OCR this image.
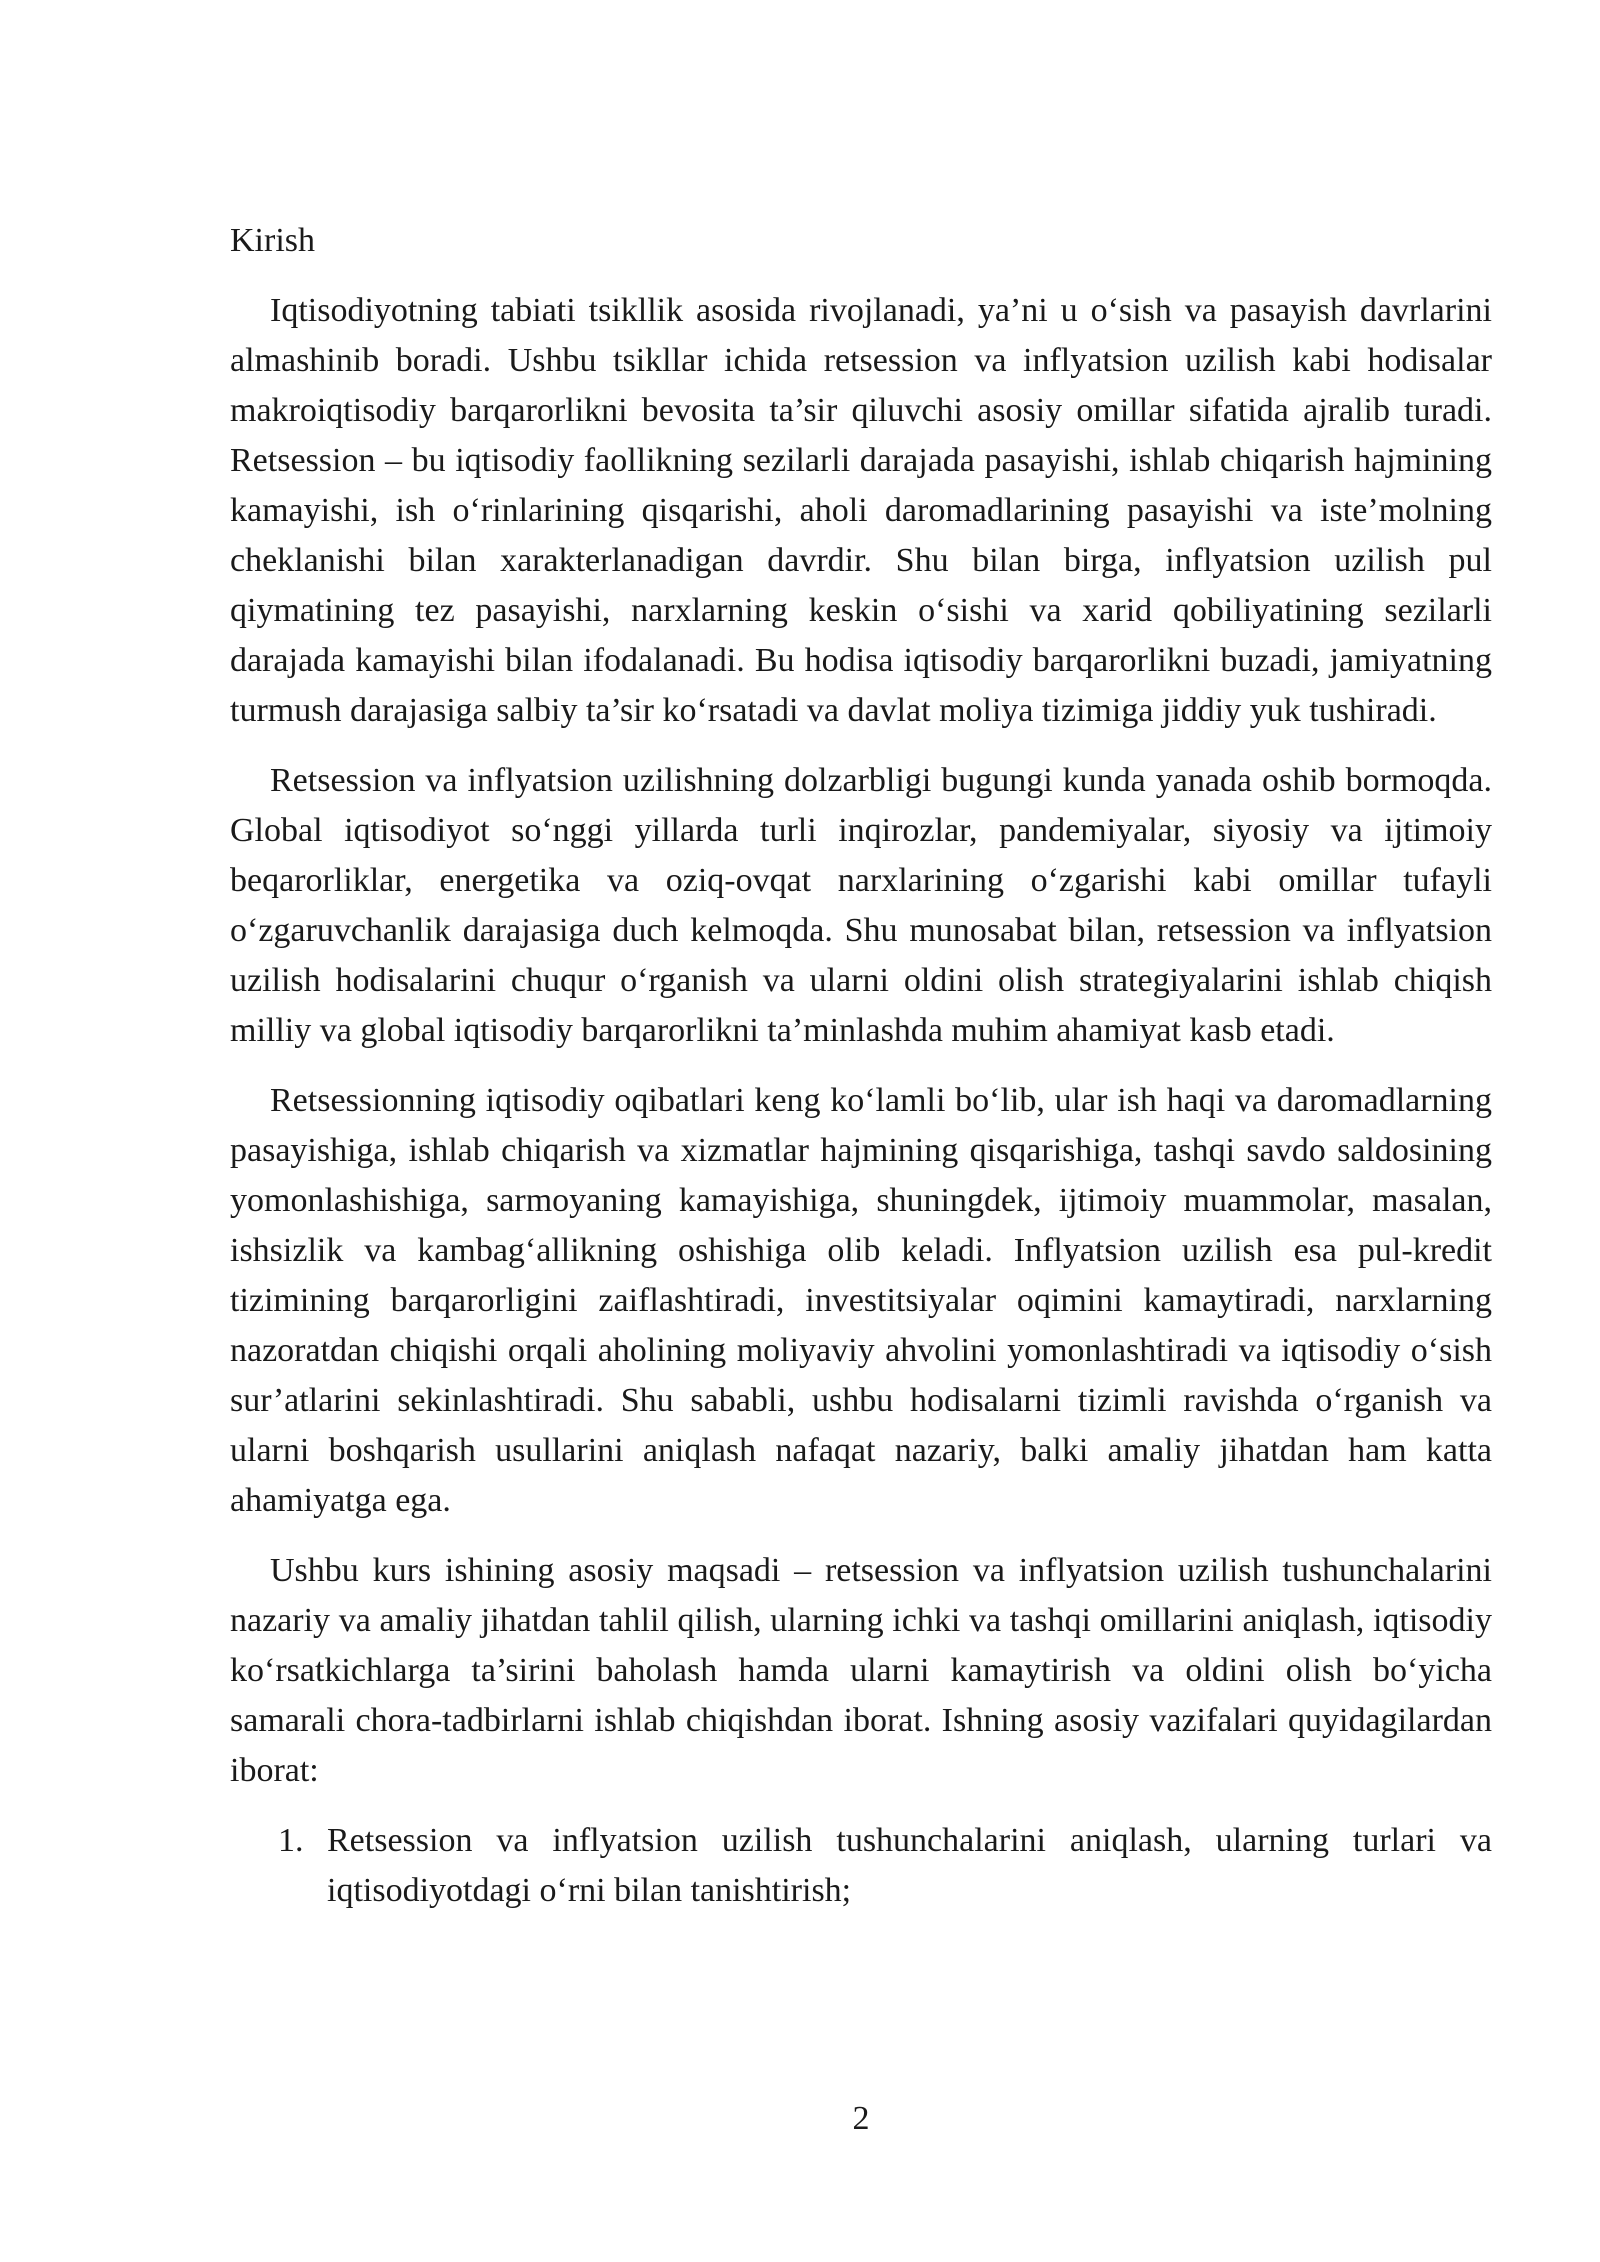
Kirish

Iqtisodiyotning tabiati tsikllik asosida rivojlanadi, ya’ni u o‘sish va pasayish davrlarini almashinib boradi. Ushbu tsikllar ichida retsession va inflyatsion uzilish kabi hodisalar makroiqtisodiy barqarorlikni bevosita ta’sir qiluvchi asosiy omillar sifatida ajralib turadi. Retsession – bu iqtisodiy faollikning sezilarli darajada pasayishi, ishlab chiqarish hajmining kamayishi, ish o‘rinlarining qisqarishi, aholi daromadlarining pasayishi va iste’molning cheklanishi bilan xarakterlanadigan davrdir. Shu bilan birga, inflyatsion uzilish pul qiymatining tez pasayishi, narxlarning keskin o‘sishi va xarid qobiliyatining sezilarli darajada kamayishi bilan ifodalanadi. Bu hodisa iqtisodiy barqarorlikni buzadi, jamiyatning turmush darajasiga salbiy ta’sir ko‘rsatadi va davlat moliya tizimiga jiddiy yuk tushiradi.

Retsession va inflyatsion uzilishning dolzarbligi bugungi kunda yanada oshib bormoqda. Global iqtisodiyot so‘nggi yillarda turli inqirozlar, pandemiyalar, siyosiy va ijtimoiy beqarorliklar, energetika va oziq-ovqat narxlarining o‘zgarishi kabi omillar tufayli o‘zgaruvchanlik darajasiga duch kelmoqda. Shu munosabat bilan, retsession va inflyatsion uzilish hodisalarini chuqur o‘rganish va ularni oldini olish strategiyalarini ishlab chiqish milliy va global iqtisodiy barqarorlikni ta’minlashda muhim ahamiyat kasb etadi.

Retsessionning iqtisodiy oqibatlari keng ko‘lamli bo‘lib, ular ish haqi va daromadlarning pasayishiga, ishlab chiqarish va xizmatlar hajmining qisqarishiga, tashqi savdo saldosining yomonlashishiga, sarmoyaning kamayishiga, shuningdek, ijtimoiy muammolar, masalan, ishsizlik va kambag‘allikning oshishiga olib keladi. Inflyatsion uzilish esa pul-kredit tizimining barqarorligini zaiflashtiradi, investitsiyalar oqimini kamaytiradi, narxlarning nazoratdan chiqishi orqali aholining moliyaviy ahvolini yomonlashtiradi va iqtisodiy o‘sish sur’atlarini sekinlashtiradi. Shu sababli, ushbu hodisalarni tizimli ravishda o‘rganish va ularni boshqarish usullarini aniqlash nafaqat nazariy, balki amaliy jihatdan ham katta ahamiyatga ega.

Ushbu kurs ishining asosiy maqsadi – retsession va inflyatsion uzilish tushunchalarini nazariy va amaliy jihatdan tahlil qilish, ularning ichki va tashqi omillarini aniqlash, iqtisodiy ko‘rsatkichlarga ta’sirini baholash hamda ularni kamaytirish va oldini olish bo‘yicha samarali chora-tadbirlarni ishlab chiqishdan iborat. Ishning asosiy vazifalari quyidagilardan iborat:

1. Retsession va inflyatsion uzilish tushunchalarini aniqlash, ularning turlari va iqtisodiyotdagi o‘rni bilan tanishtirish;
2
